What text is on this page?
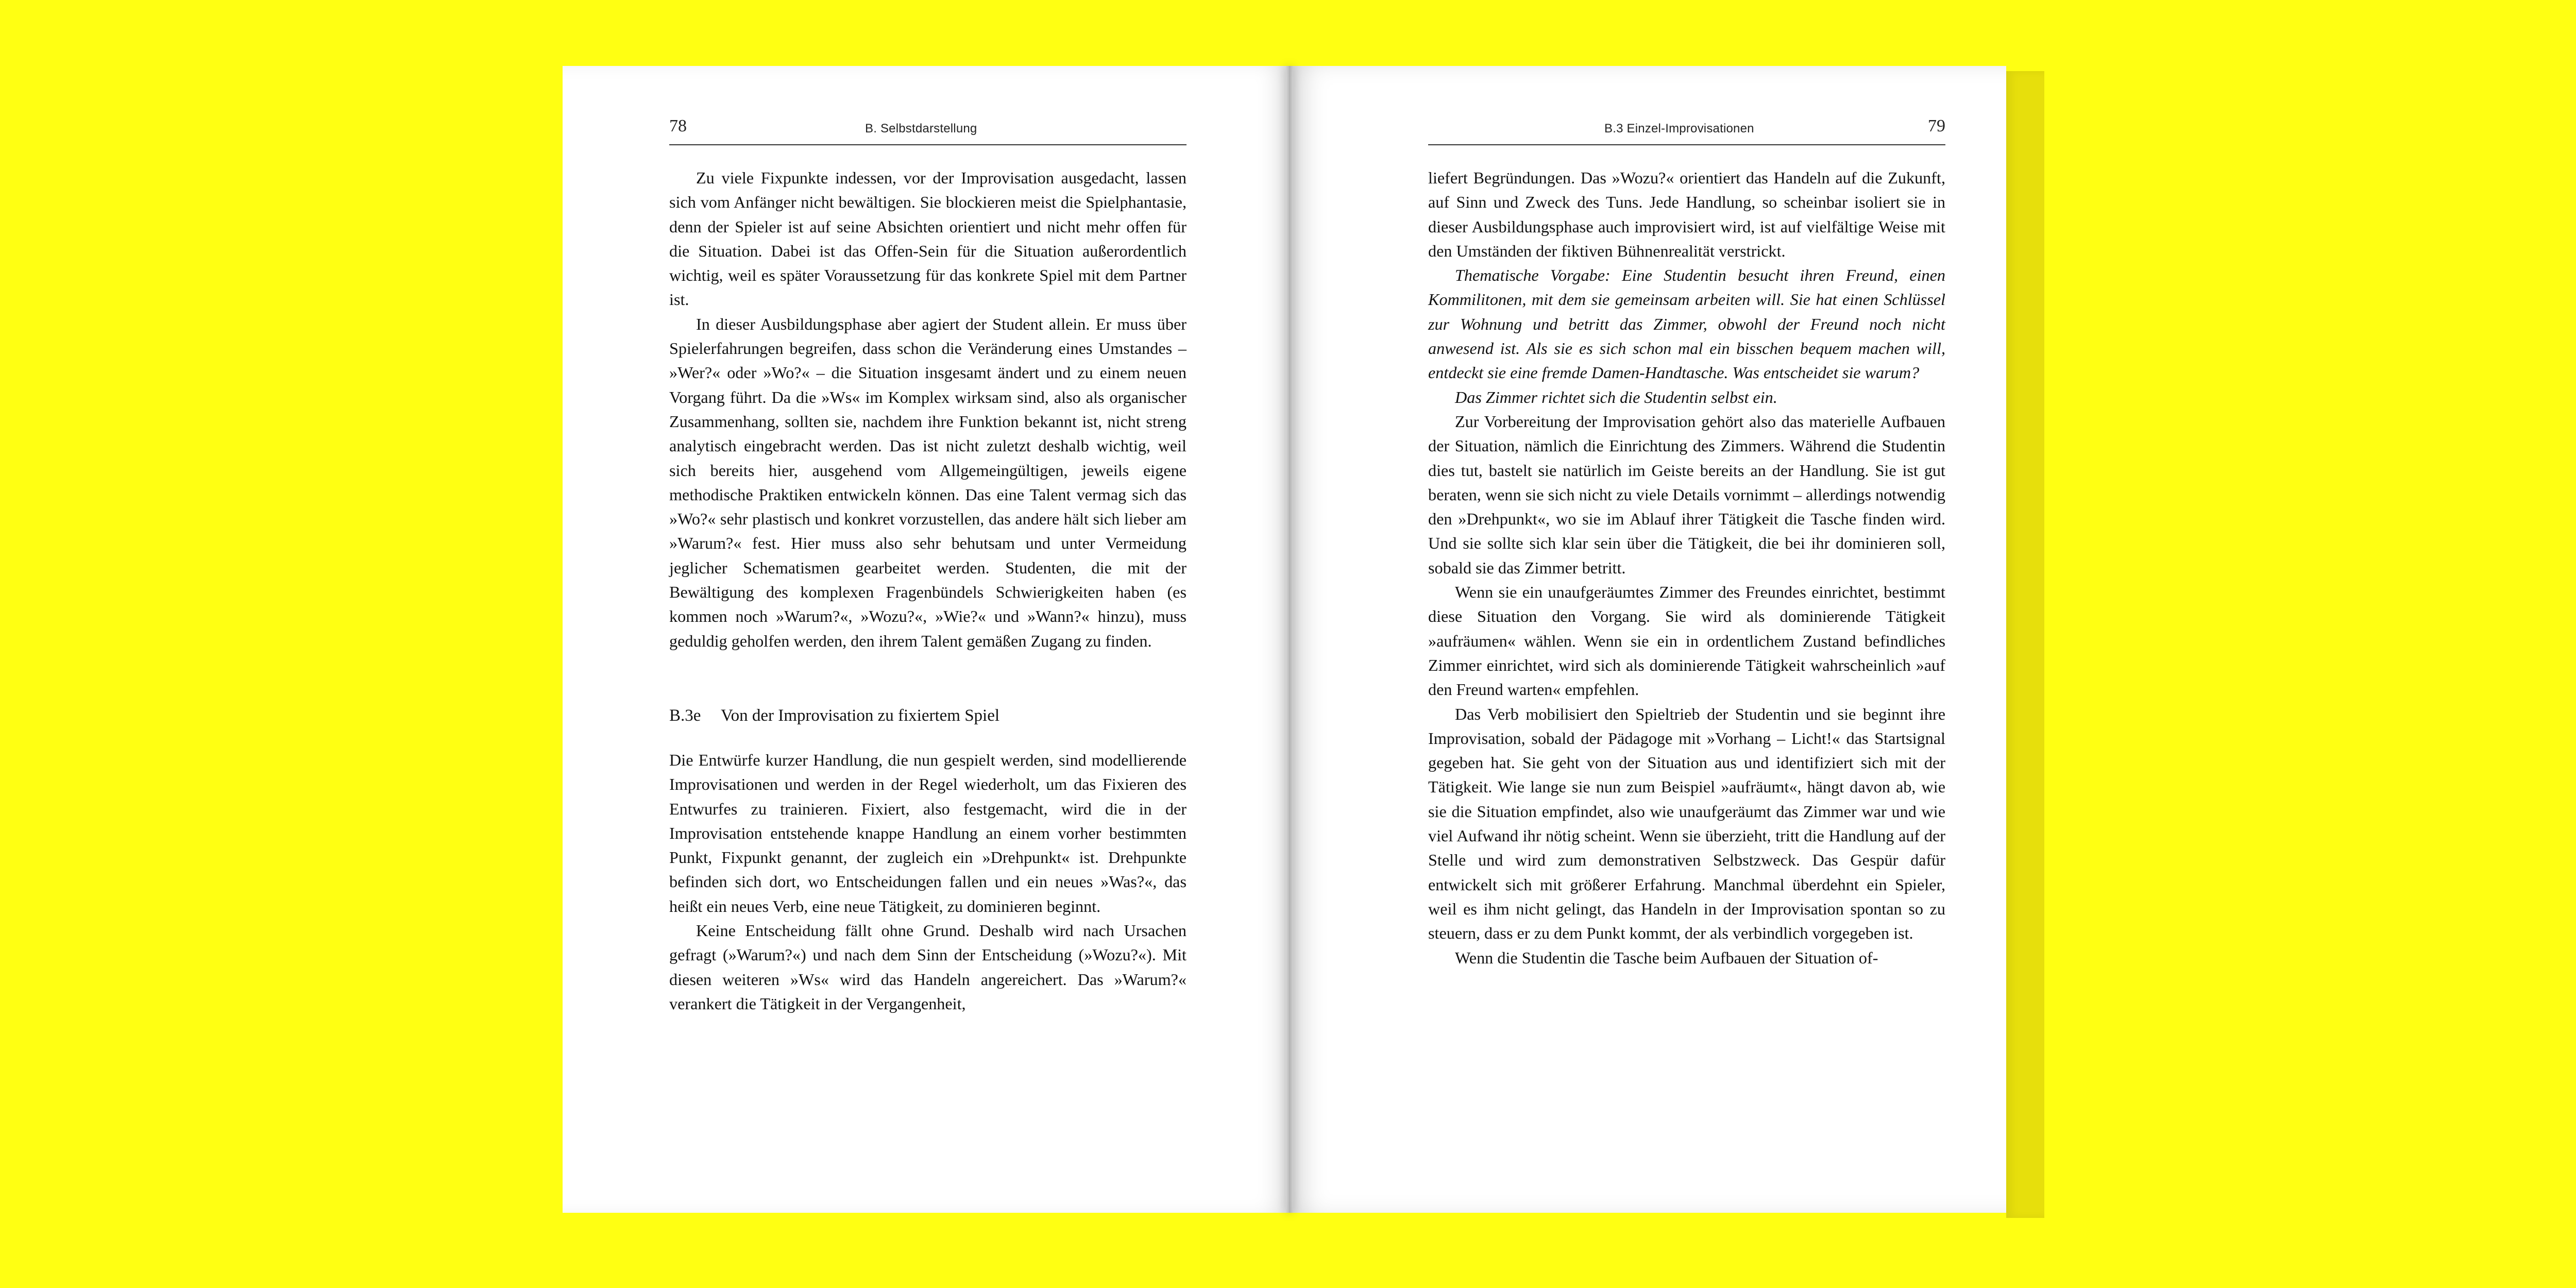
78	B. Selbstdarstellung

Zu viele Fixpunkte indessen, vor der Improvisation ausgedacht, lassen sich vom Anfänger nicht bewältigen. Sie blockieren meist die Spielphantasie, denn der Spieler ist auf seine Absichten orientiert und nicht mehr offen für die Situation. Dabei ist das Offen-Sein für die Situation außerordentlich wichtig, weil es später Voraussetzung für das konkrete Spiel mit dem Partner ist.

In dieser Ausbildungsphase aber agiert der Student allein. Er muss über Spielerfahrungen begreifen, dass schon die Veränderung eines Umstandes – »Wer?« oder »Wo?« – die Situation insgesamt ändert und zu einem neuen Vorgang führt. Da die »Ws« im Komplex wirksam sind, also als organischer Zusammenhang, sollten sie, nachdem ihre Funktion bekannt ist, nicht streng analytisch eingebracht werden. Das ist nicht zuletzt deshalb wichtig, weil sich bereits hier, ausgehend vom Allgemeingültigen, jeweils eigene methodische Praktiken entwickeln können. Das eine Talent vermag sich das »Wo?« sehr plastisch und konkret vorzustellen, das andere hält sich lieber am »Warum?« fest. Hier muss also sehr behutsam und unter Vermeidung jeglicher Schematismen gearbeitet werden. Studenten, die mit der Bewältigung des komplexen Fragenbündels Schwierigkeiten haben (es kommen noch »Warum?«, »Wozu?«, »Wie?« und »Wann?« hinzu), muss geduldig geholfen werden, den ihrem Talent gemäßen Zugang zu finden.

B.3e Von der Improvisation zu fixiertem Spiel

Die Entwürfe kurzer Handlung, die nun gespielt werden, sind modellierende Improvisationen und werden in der Regel wiederholt, um das Fixieren des Entwurfes zu trainieren. Fixiert, also festgemacht, wird die in der Improvisation entstehende knappe Handlung an einem vorher bestimmten Punkt, Fixpunkt genannt, der zugleich ein »Drehpunkt« ist. Drehpunkte befinden sich dort, wo Entscheidungen fallen und ein neues »Was?«, das heißt ein neues Verb, eine neue Tätigkeit, zu dominieren beginnt.

Keine Entscheidung fällt ohne Grund. Deshalb wird nach Ursachen gefragt (»Warum?«) und nach dem Sinn der Entscheidung (»Wozu?«). Mit diesen weiteren »Ws« wird das Handeln angereichert. Das »Warum?« verankert die Tätigkeit in der Vergangenheit,

B.3 Einzel-Improvisationen	79

liefert Begründungen. Das »Wozu?« orientiert das Handeln auf die Zukunft, auf Sinn und Zweck des Tuns. Jede Handlung, so scheinbar isoliert sie in dieser Ausbildungsphase auch improvisiert wird, ist auf vielfältige Weise mit den Umständen der fiktiven Bühnenrealität verstrickt.

Thematische Vorgabe: Eine Studentin besucht ihren Freund, einen Kommilitonen, mit dem sie gemeinsam arbeiten will. Sie hat einen Schlüssel zur Wohnung und betritt das Zimmer, obwohl der Freund noch nicht anwesend ist. Als sie es sich schon mal ein bisschen bequem machen will, entdeckt sie eine fremde Damen-Handtasche. Was entscheidet sie warum?

Das Zimmer richtet sich die Studentin selbst ein.

Zur Vorbereitung der Improvisation gehört also das materielle Aufbauen der Situation, nämlich die Einrichtung des Zimmers. Während die Studentin dies tut, bastelt sie natürlich im Geiste bereits an der Handlung. Sie ist gut beraten, wenn sie sich nicht zu viele Details vornimmt – allerdings notwendig den »Drehpunkt«, wo sie im Ablauf ihrer Tätigkeit die Tasche finden wird. Und sie sollte sich klar sein über die Tätigkeit, die bei ihr dominieren soll, sobald sie das Zimmer betritt.

Wenn sie ein unaufgeräumtes Zimmer des Freundes einrichtet, bestimmt diese Situation den Vorgang. Sie wird als dominierende Tätigkeit »aufräumen« wählen. Wenn sie ein in ordentlichem Zustand befindliches Zimmer einrichtet, wird sich als dominierende Tätigkeit wahrscheinlich »auf den Freund warten« empfehlen.

Das Verb mobilisiert den Spieltrieb der Studentin und sie beginnt ihre Improvisation, sobald der Pädagoge mit »Vorhang – Licht!« das Startsignal gegeben hat. Sie geht von der Situation aus und identifiziert sich mit der Tätigkeit. Wie lange sie nun zum Beispiel »aufräumt«, hängt davon ab, wie sie die Situation empfindet, also wie unaufgeräumt das Zimmer war und wie viel Aufwand ihr nötig scheint. Wenn sie überzieht, tritt die Handlung auf der Stelle und wird zum demonstrativen Selbstzweck. Das Gespür dafür entwickelt sich mit größerer Erfahrung. Manchmal überdehnt ein Spieler, weil es ihm nicht gelingt, das Handeln in der Improvisation spontan so zu steuern, dass er zu dem Punkt kommt, der als verbindlich vorgegeben ist.

Wenn die Studentin die Tasche beim Aufbauen der Situation of-
